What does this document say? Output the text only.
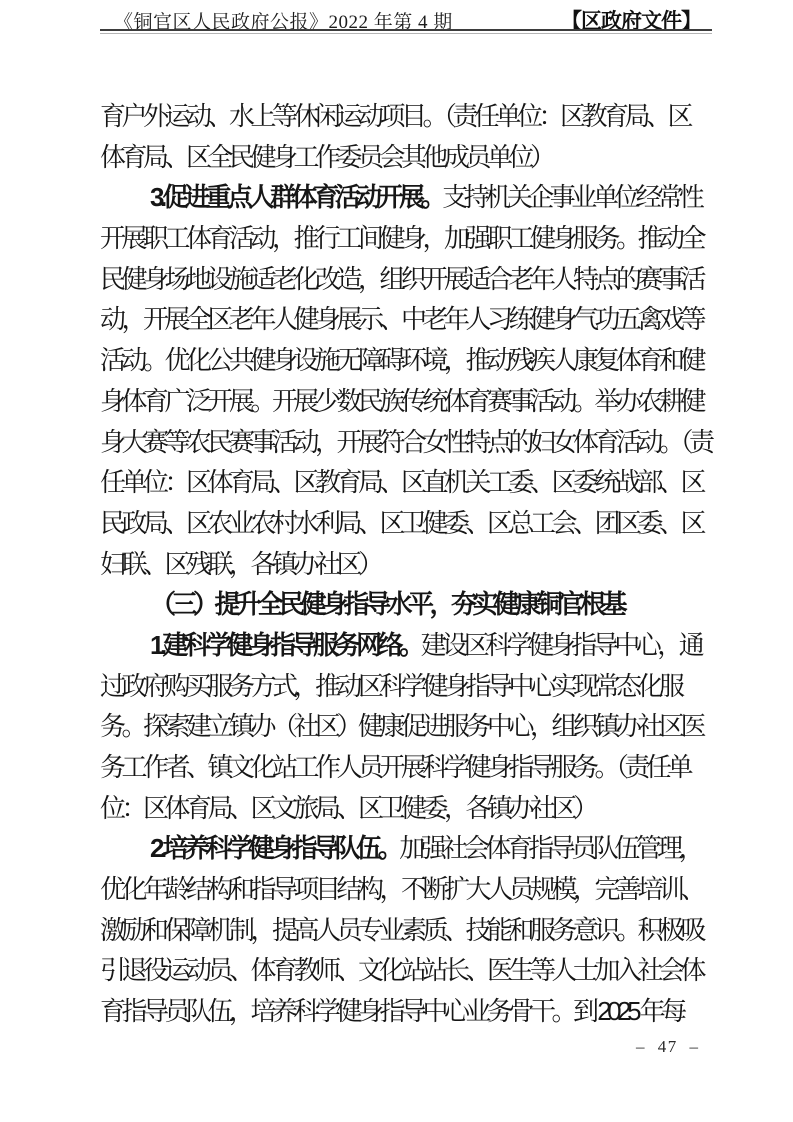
《铜官区人民政府公报》2022 年第 4 期	【区政府文件】
育户外运动、水上等休闲运动项目。（责任单位：区教育局、区
体育局、区全民健身工作委员会其他成员单位）
3.促进重点人群体育活动开展。支持机关企事业单位经常性
开展职工体育活动，推行工间健身，加强职工健身服务。推动全
民健身场地设施适老化改造，组织开展适合老年人特点的赛事活
动，开展全区老年人健身展示、中老年人习练健身气功五禽戏等
活动。优化公共健身设施无障碍环境，推动残疾人康复体育和健
身体育广泛开展。开展少数民族传统体育赛事活动。举办农耕健
身大赛等农民赛事活动，开展符合女性特点的妇女体育活动。（责
任单位：区体育局、区教育局、区直机关工委、区委统战部、区
民政局、区农业农村水利局、区卫健委、区总工会、团区委、区
妇联、区残联，各镇办社区）
（三）提升全民健身指导水平，夯实健康铜官根基
1.建科学健身指导服务网络。建设区科学健身指导中心，通
过政府购买服务方式，推动区科学健身指导中心实现常态化服
务。探索建立镇办（社区）健康促进服务中心，组织镇办社区医
务工作者、镇文化站工作人员开展科学健身指导服务。（责任单
位：区体育局、区文旅局、区卫健委，各镇办社区）
2.培养科学健身指导队伍。加强社会体育指导员队伍管理，
优化年龄结构和指导项目结构，不断扩大人员规模，完善培训、
激励和保障机制，提高人员专业素质、技能和服务意识。积极吸
引退役运动员、体育教师、文化站站长、医生等人士加入社会体
育指导员队伍，培养科学健身指导中心业务骨干。到 2025 年每
– 47 –
